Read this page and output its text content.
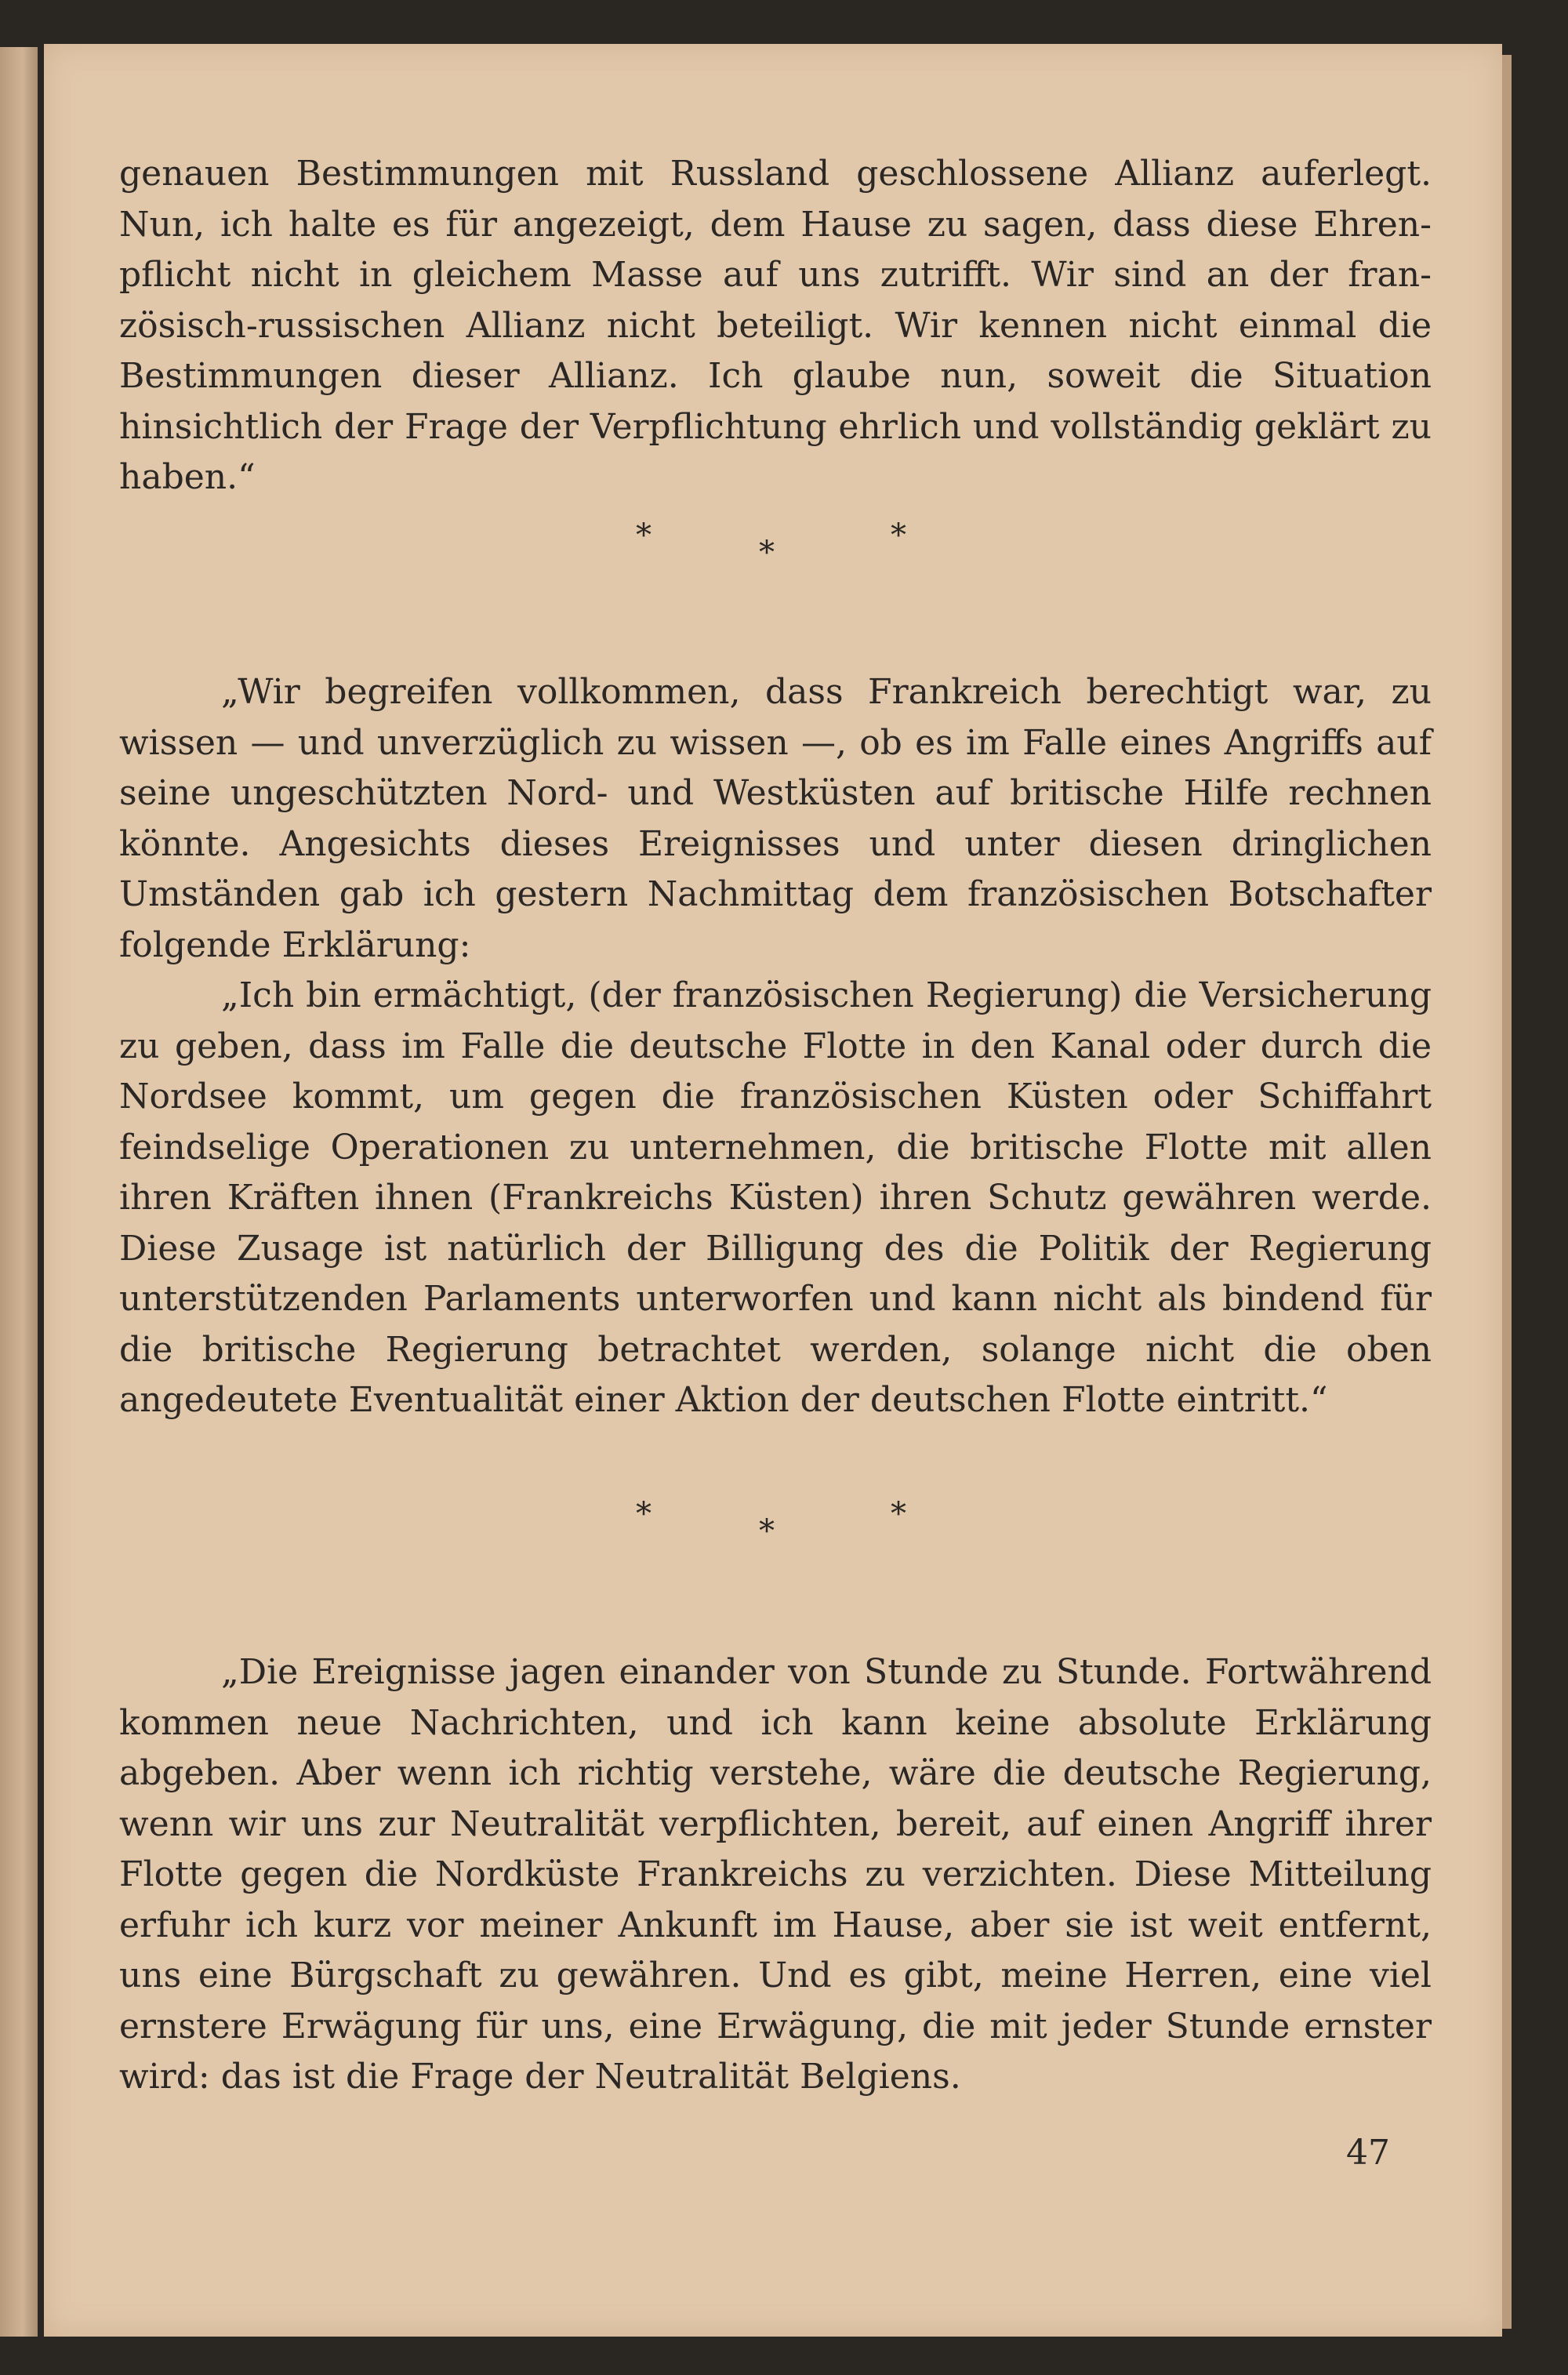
genauen Bestimmungen mit Russland geschlossene Allianz auferlegt. Nun, ich halte es für angezeigt, dem Hause zu sagen, dass diese Ehrenpflicht nicht in gleichem Masse auf uns zutrifft. Wir sind an der französisch-russischen Allianz nicht beteiligt. Wir kennen nicht einmal die Bestimmungen dieser Allianz. Ich glaube nun, soweit die Situation hinsichtlich der Frage der Verpflichtung ehrlich und vollständig geklärt zu haben.“

*	*	*

„Wir begreifen vollkommen, dass Frankreich berechtigt war, zu wissen — und unverzüglich zu wissen —, ob es im Falle eines Angriffs auf seine ungeschützten Nord- und Westküsten auf britische Hilfe rechnen könnte. Angesichts dieses Ereignisses und unter diesen dringlichen Umständen gab ich gestern Nachmittag dem französischen Botschafter folgende Erklärung:

„Ich bin ermächtigt, (der französischen Regierung) die Versicherung zu geben, dass im Falle die deutsche Flotte in den Kanal oder durch die Nordsee kommt, um gegen die französischen Küsten oder Schiffahrt feindselige Operationen zu unternehmen, die britische Flotte mit allen ihren Kräften ihnen (Frankreichs Küsten) ihren Schutz gewähren werde. Diese Zusage ist natürlich der Billigung des die Politik der Regierung unterstützenden Parlaments unterworfen und kann nicht als bindend für die britische Regierung betrachtet werden, solange nicht die oben angedeutete Eventualität einer Aktion der deutschen Flotte eintritt.“

*	*	*

„Die Ereignisse jagen einander von Stunde zu Stunde. Fortwährend kommen neue Nachrichten, und ich kann keine absolute Erklärung abgeben. Aber wenn ich richtig verstehe, wäre die deutsche Regierung, wenn wir uns zur Neutralität verpflichten, bereit, auf einen Angriff ihrer Flotte gegen die Nordküste Frankreichs zu verzichten. Diese Mitteilung erfuhr ich kurz vor meiner Ankunft im Hause, aber sie ist weit entfernt, uns eine Bürgschaft zu gewähren. Und es gibt, meine Herren, eine viel ernstere Erwägung für uns, eine Erwägung, die mit jeder Stunde ernster wird: das ist die Frage der Neutralität Belgiens.

47
